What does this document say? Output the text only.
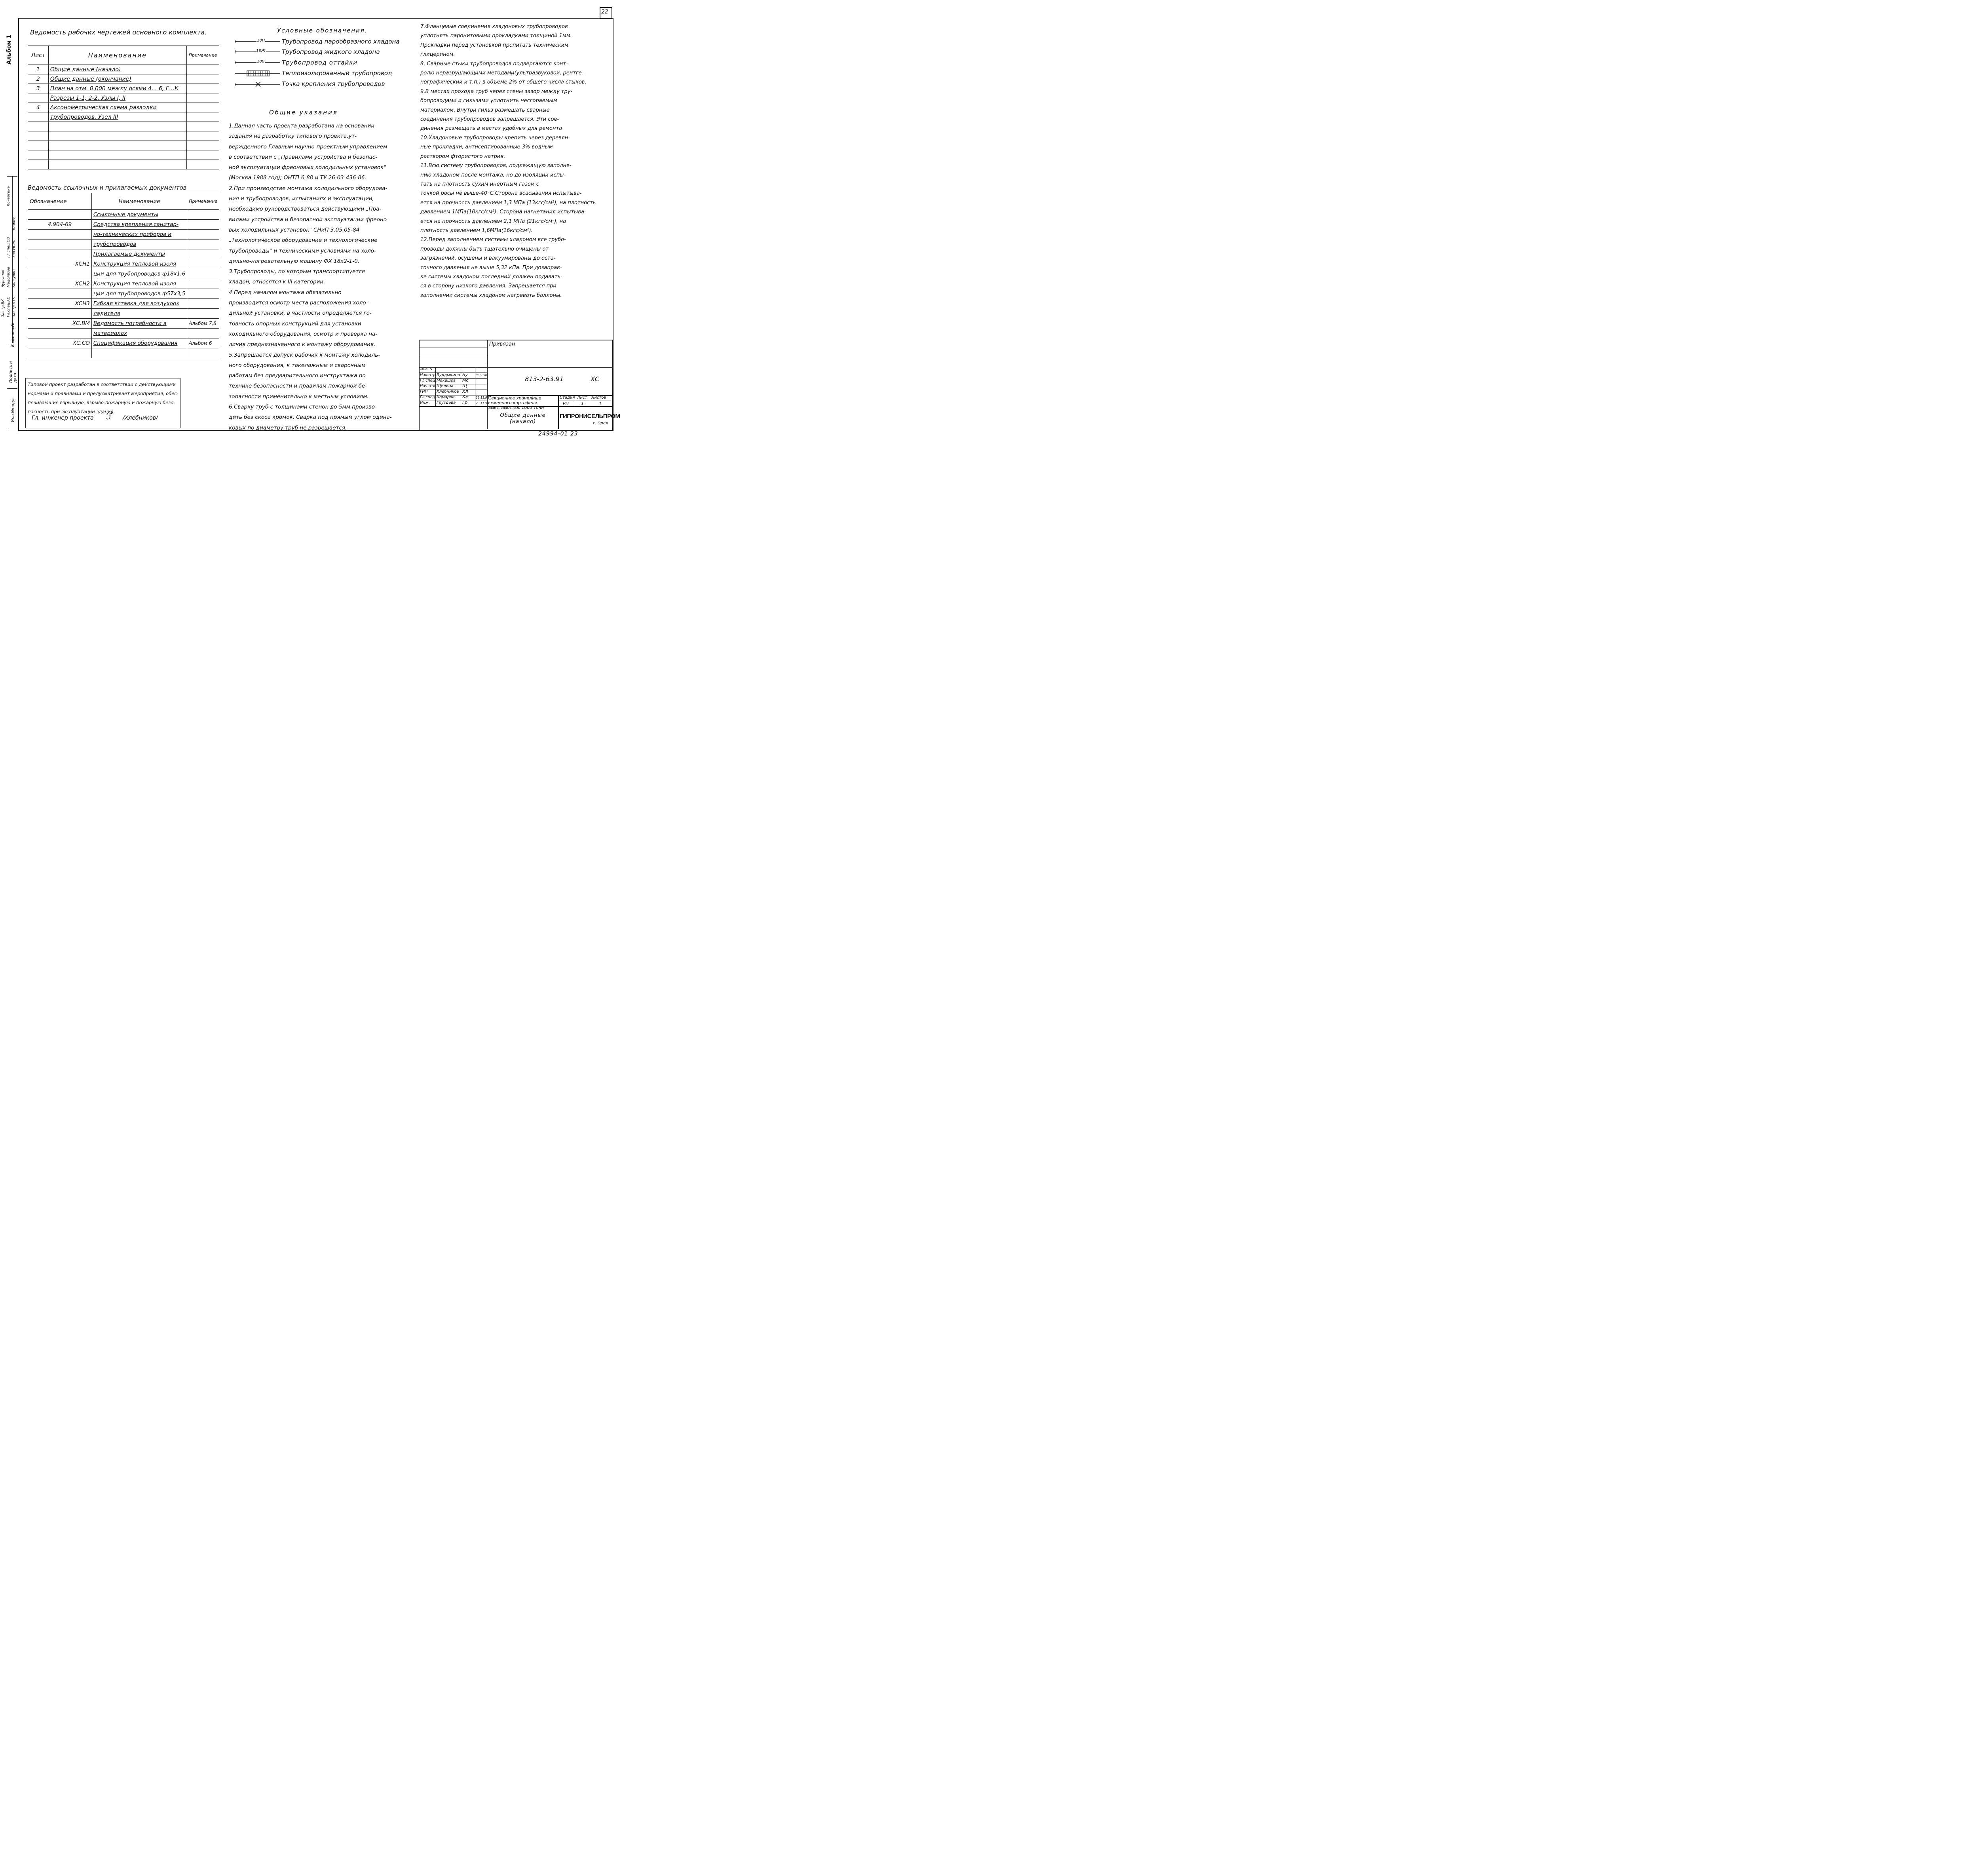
22
Альбом 1
Инв.№подл.
Подпись и дата
Взам.инв.№
Зав.гр.АТК
Гл.спец.АС
Зав.гр.ВК
Конзулин
Медолазов
Чурганов
Зав.гр.ЭЛ
Гл.спец.ОВ
Беляев
Кочергина
Ведомость рабочих чертежей основного комплекта.
Лист	Наименование	Примечание
1	Общие данные (начало)	
2	Общие данные (окончание)	
3	План на отм. 0.000 между осями 4... 6, Е...К	
	Разрезы 1-1; 2-2. Узлы I, II	
4	Аксонометрическая схема разводки	
	трубопроводов. Узел III	

Ведомость ссылочных и прилагаемых документов
Обозначение	Наименование	Примечание
	Ссылочные документы	
4.904-69	Средства крепления санитар-	
	но-технических приборов и	
	трубопроводов	
	Прилагаемые документы	
ХСН1	Конструкция тепловой изоля	
	ции для трубопроводов ф18х1.6	
ХСН2	Конструкция тепловой изоля	
	ции для трубопроводов ф57х3,5	
ХСН3	Гибкая вставка для воздухоох	
	ладителя	
ХС.ВМ	Ведомость потребности в	Альбом 7,8
	материалах	
ХС.СО	Спецификация оборудования	Альбом 6

Типовой проект разработан в соответствии с действующими

нормами и правилами и предусматривает мероприятия, обес-

печивающие взрывную, взрыво-пожарную и пожарную безо-

пасность при эксплуатации здания.

Гл. инженер проекта ℱ /Хлебников/
Условные обозначения.
18П
18Ж
180
Трубопровод парообразного хладона
Трубопровод жидкого хладона
Трубопровод оттайки
Теплоизолированный трубопровод
Точка крепления трубопроводов
Общие указания

1.Данная часть проекта разработана на основании

задания на разработку типового проекта,ут-

вержденного Главным научно-проектным управлением

в соответствии с „Правилами устройства и безопас-

ной эксплуатации фреоновых холодильных установок"

(Москва 1988 год); ОНТП-6-88 и ТУ 26-03-436-86.

2.При производстве монтажа холодильного оборудова-

ния и трубопроводов, испытаниях и эксплуатации,

необходимо руководствоваться действующими „Пра-

вилами устройства и безопасной эксплуатации фреоно-

вых холодильных установок" СНиП 3.05.05-84

„Технологическое оборудование и технологические

трубопроводы" и техническими условиями на холо-

дильно-нагревательную машину ФХ 18х2-1-0.

3.Трубопроводы, по которым транспортируется

хладон, относятся к III категории.

4.Перед началом монтажа обязательно

производится осмотр места расположения холо-

дильной установки, в частности определяется го-

товность опорных конструкций для установки

холодильного оборудования, осмотр и проверка на-

личия предназначенного к монтажу оборудования.

5.Запрещается допуск рабочих к монтажу холодиль-

ного оборудования, к такелажным и сварочным

работам без предварительного инструктажа по

технике безопасности и правилам пожарной бе-

зопасности применительно к местным условиям.

6.Сварку труб с толщинами стенок до 5мм произво-

дить без скоса кромок. Сварка под прямым углом одина-

ковых по диаметру труб не разрешается.

7.Фланцевые соединения хладоновых трубопроводов

уплотнять паронитовыми прокладками толщиной 1мм.

Прокладки перед установкой пропитать техническим

глицерином.

8. Сварные стыки трубопроводов подвергаются конт-

ролю неразрушающими методами(ультразвуковой, рентге-

нографический и т.п.) в объеме 2% от общего числа стыков.

9.В местах прохода труб через стены зазор между тру-

бопроводами и гильзами уплотнить несгораемым

материалом. Внутри гильз размещать сварные

соединения трубопроводов запрещается. Эти сое-

динения размещать в местах удобных для ремонта

10.Хладоновые трубопроводы крепить через деревян-

ные прокладки, антисептированные 3% водным

раствором фтористого натрия.

11.Всю систему трубопроводов, подлежащую заполне-

нию хладоном после монтажа, но до изоляции испы-

тать на плотность сухим инертным газом с

точкой росы не выше-40°С.Сторона всасывания испытыва-

ется на прочность давлением 1,3 МПа (13кгс/см²), на плотность

давлением 1МПа(10кгс/см²). Сторона нагнетания испытыва-

ется на прочность давлением 2,1 МПа (21кгс/см²), на

плотность давлением 1,6МПа(16кгс/см²).

12.Перед заполнением системы хладоном все трубо-

проводы должны быть тщательно очищены от

загрязнений, осушены и вакуумированы до оста-

точного давления не выше 5,32 кПа. При дозаправ-

ке системы хладоном последний должен подавать-

ся в сторону низкого давления. Запрещается при

заполнении системы хладоном нагревать баллоны.

Привязан
Инв. N
Н.контр. Бурдыкина Бу	03.9.90
Гл.спец. Макашов Мс
Нач.нтк Щелина Щ
ГИП Хлебников Хл
Гл.спец. Комаров Км 23.11.90
Инж. Груздева Гр	23.11.90
813-2-63.91	ХС
Секционное хранилище семенного картофеля вместимостью 1000 тонн
Стадия Лист Листов
РП	1	4
Общие данные (начало)
ГИПРОНИСЕЛЬПРОМ
г. Орел
24994-01 23
